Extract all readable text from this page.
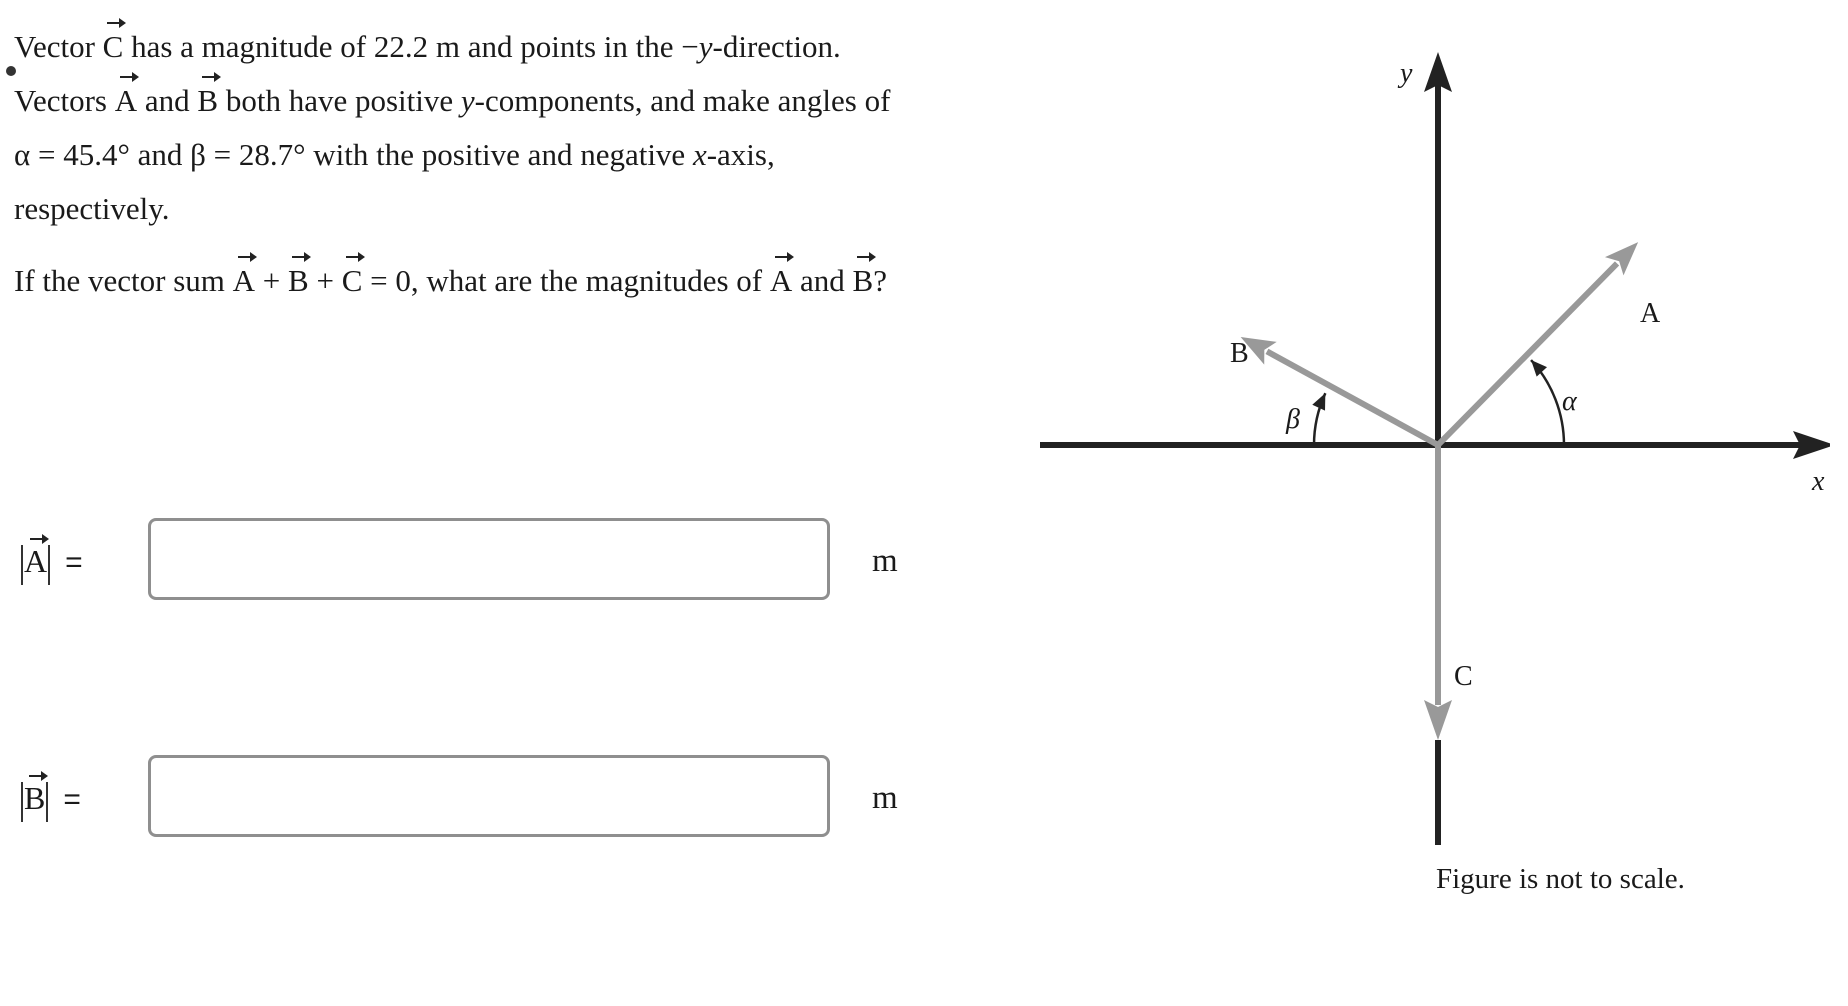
Vector C has a magnitude of 22.2 m and points in the −y-direction. Vectors A and B both have positive y-components, and make angles of α = 45.4° and β = 28.7° with the positive and negative x-axis, respectively.

If the vector sum A + B + C = 0, what are the magnitudes of A and B?

A =	m
B =	m
x
y
A
B
C
α
β
Figure is not to scale.
